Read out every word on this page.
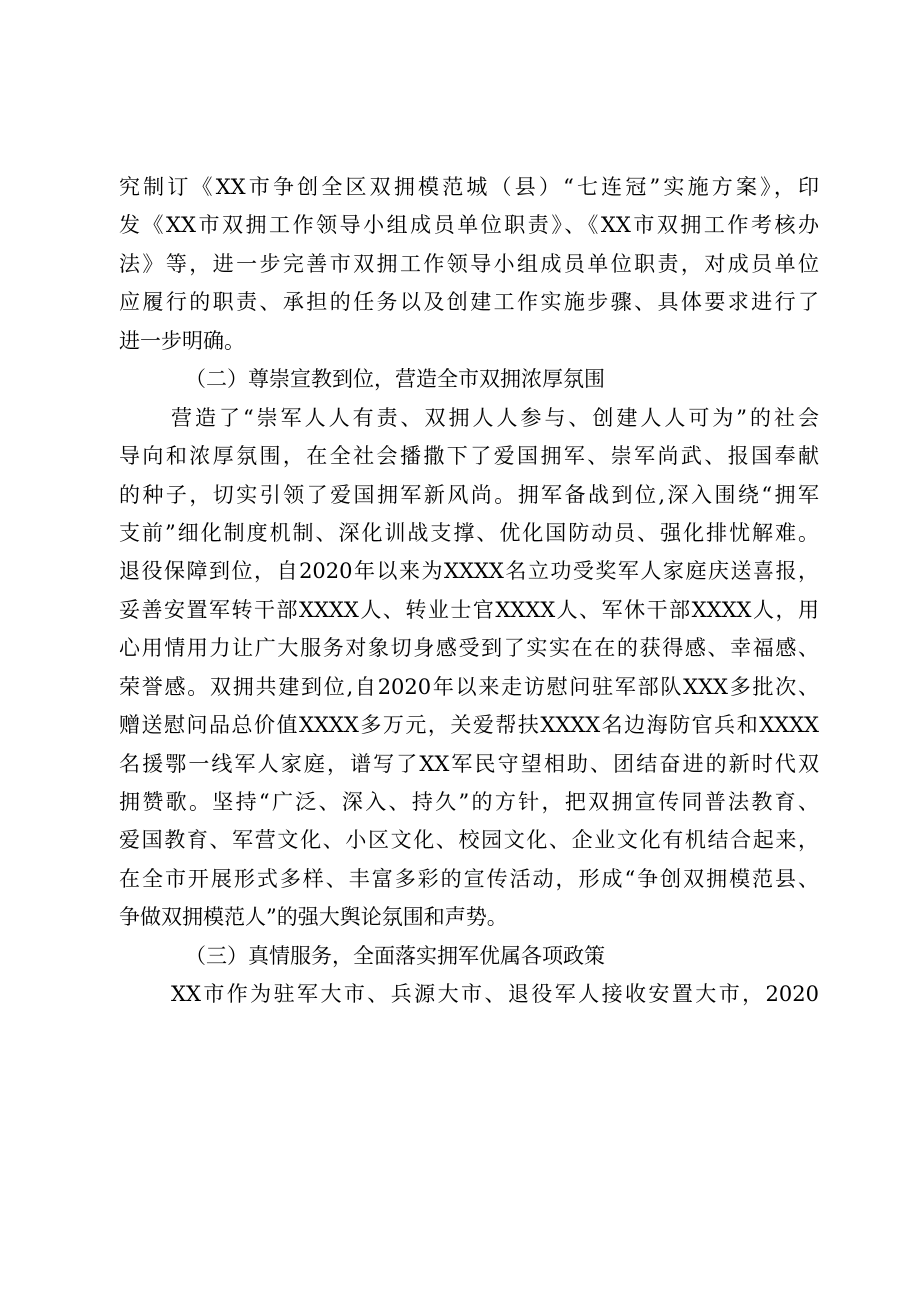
究制订《XX市争创全区双拥模范城（县）“七连冠”实施方案》，印
发《XX市双拥工作领导小组成员单位职责》、《XX市双拥工作考核办
法》等，进一步完善市双拥工作领导小组成员单位职责，对成员单位
应履行的职责、承担的任务以及创建工作实施步骤、具体要求进行了
进一步明确。
（二）尊崇宣教到位，营造全市双拥浓厚氛围
营造了“崇军人人有责、双拥人人参与、创建人人可为”的社会
导向和浓厚氛围，在全社会播撒下了爱国拥军、崇军尚武、报国奉献
的种子，切实引领了爱国拥军新风尚。拥军备战到位,深入围绕“拥军
支前”细化制度机制、深化训战支撑、优化国防动员、强化排忧解难。
退役保障到位，自2020年以来为XXXX名立功受奖军人家庭庆送喜报，
妥善安置军转干部XXXX人、转业士官XXXX人、军休干部XXXX人，用
心用情用力让广大服务对象切身感受到了实实在在的获得感、幸福感、
荣誉感。双拥共建到位,自2020年以来走访慰问驻军部队XXX多批次、
赠送慰问品总价值XXXX多万元，关爱帮扶XXXX名边海防官兵和XXXX
名援鄂一线军人家庭，谱写了XX军民守望相助、团结奋进的新时代双
拥赞歌。坚持“广泛、深入、持久”的方针，把双拥宣传同普法教育、
爱国教育、军营文化、小区文化、校园文化、企业文化有机结合起来，
在全市开展形式多样、丰富多彩的宣传活动，形成“争创双拥模范县、
争做双拥模范人”的强大舆论氛围和声势。
（三）真情服务，全面落实拥军优属各项政策
XX市作为驻军大市、兵源大市、退役军人接收安置大市，2020
